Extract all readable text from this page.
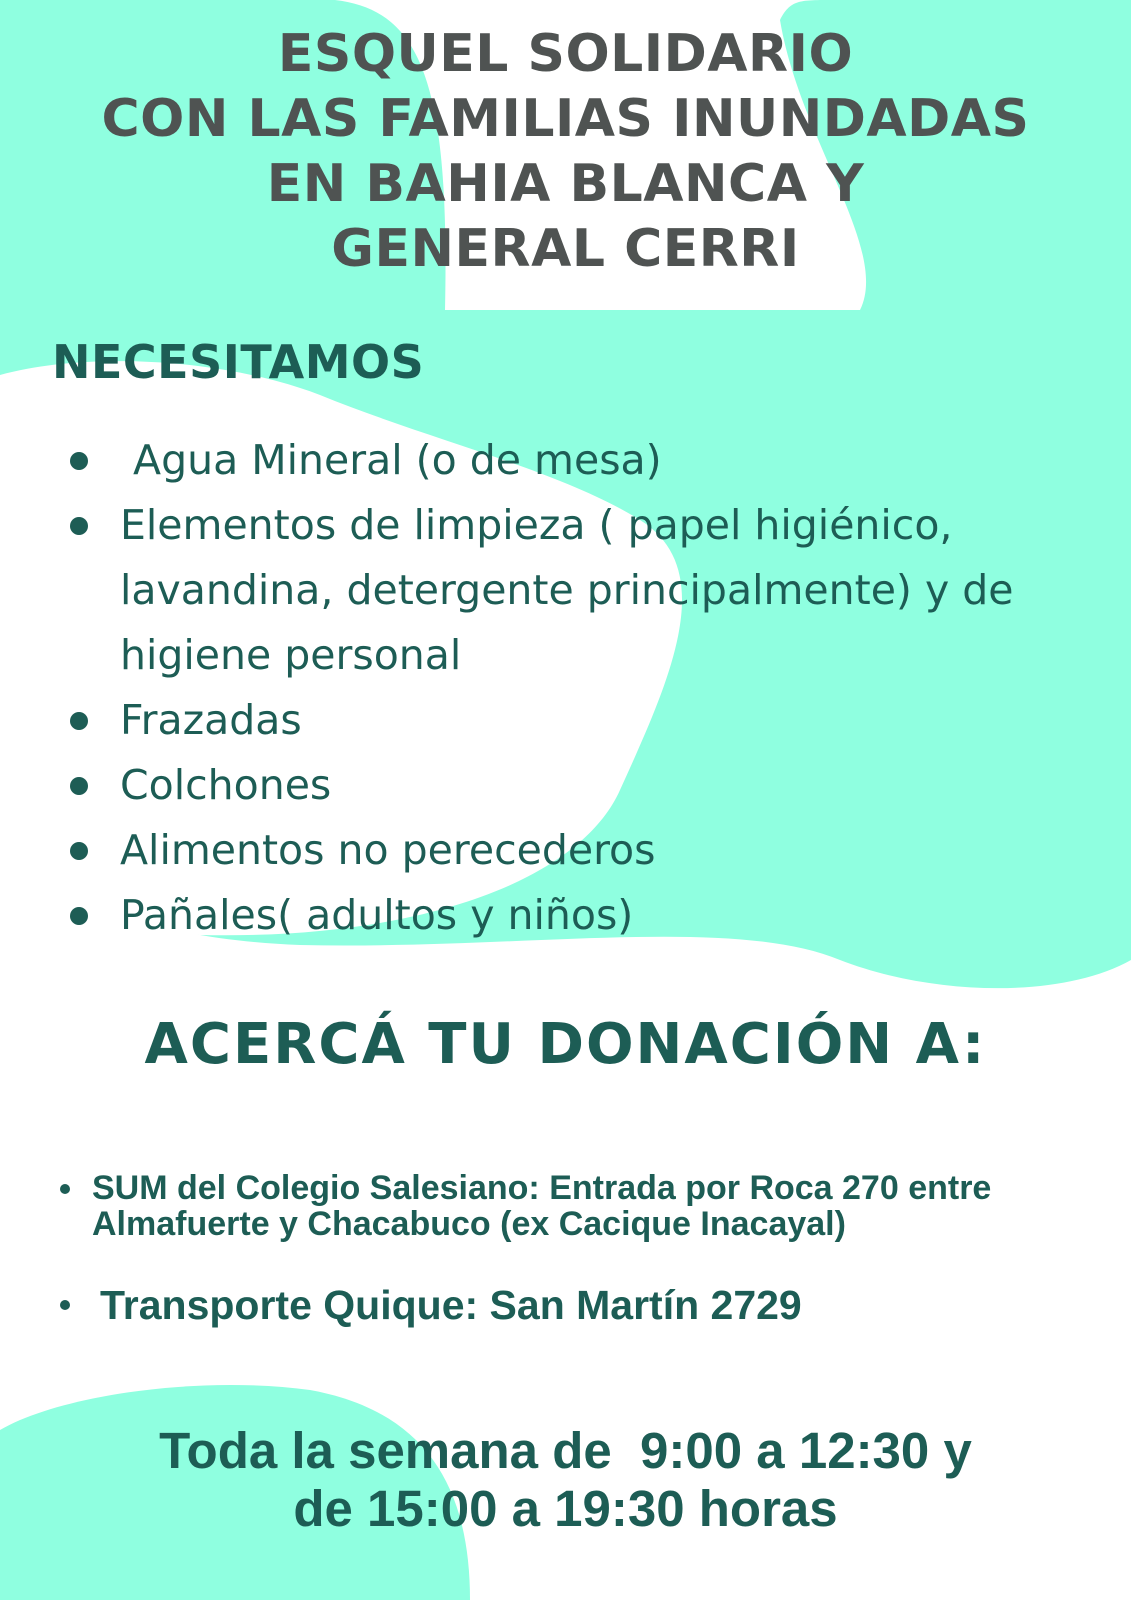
ESQUEL SOLIDARIO
CON LAS FAMILIAS INUNDADAS
EN BAHIA BLANCA Y
GENERAL CERRI
NECESITAMOS
Agua Mineral (o de mesa)
Elementos de limpieza ( papel higiénico, lavandina, detergente principalmente) y de higiene personal
Frazadas
Colchones
Alimentos no perecederos
Pañales( adultos y niños)
ACERCÁ TU DONACIÓN A:
SUM del Colegio Salesiano: Entrada por Roca 270 entre Almafuerte y Chacabuco (ex Cacique Inacayal)
Transporte Quique: San Martín 2729
Toda la semana de  9:00 a 12:30 y
de 15:00 a 19:30 horas
